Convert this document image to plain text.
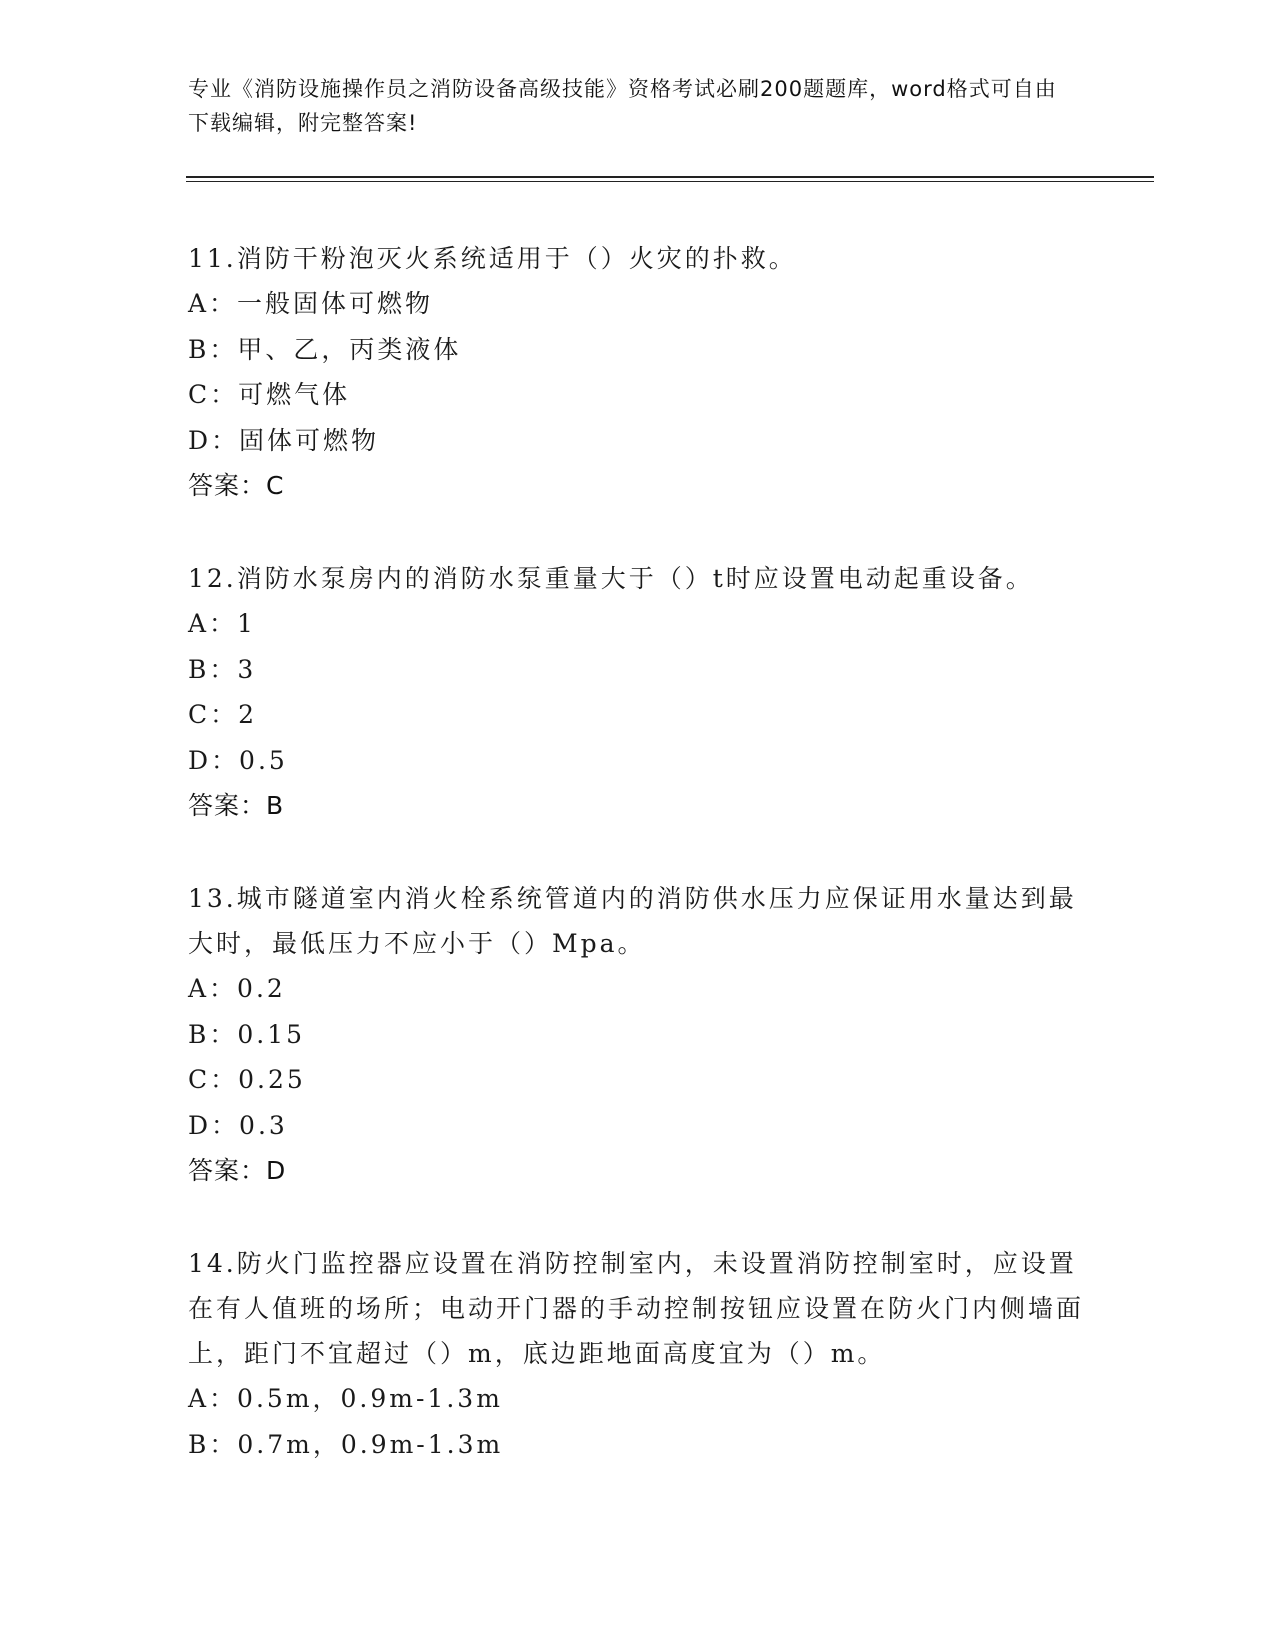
专业《消防设施操作员之消防设备高级技能》资格考试必刷200题题库，word格式可自由下载编辑，附完整答案!

11.消防干粉泡灭火系统适用于（）火灾的扑救。

A：一般固体可燃物

B：甲、乙，丙类液体

C：可燃气体

D：固体可燃物

答案：C

12.消防水泵房内的消防水泵重量大于（）t时应设置电动起重设备。

A：1

B：3

C：2

D：0.5

答案：B

13.城市隧道室内消火栓系统管道内的消防供水压力应保证用水量达到最大时，最低压力不应小于（）Mpa。

A：0.2

B：0.15

C：0.25

D：0.3

答案：D

14.防火门监控器应设置在消防控制室内，未设置消防控制室时，应设置在有人值班的场所；电动开门器的手动控制按钮应设置在防火门内侧墙面上，距门不宜超过（）m，底边距地面高度宜为（）m。

A：0.5m，0.9m-1.3m

B：0.7m，0.9m-1.3m
